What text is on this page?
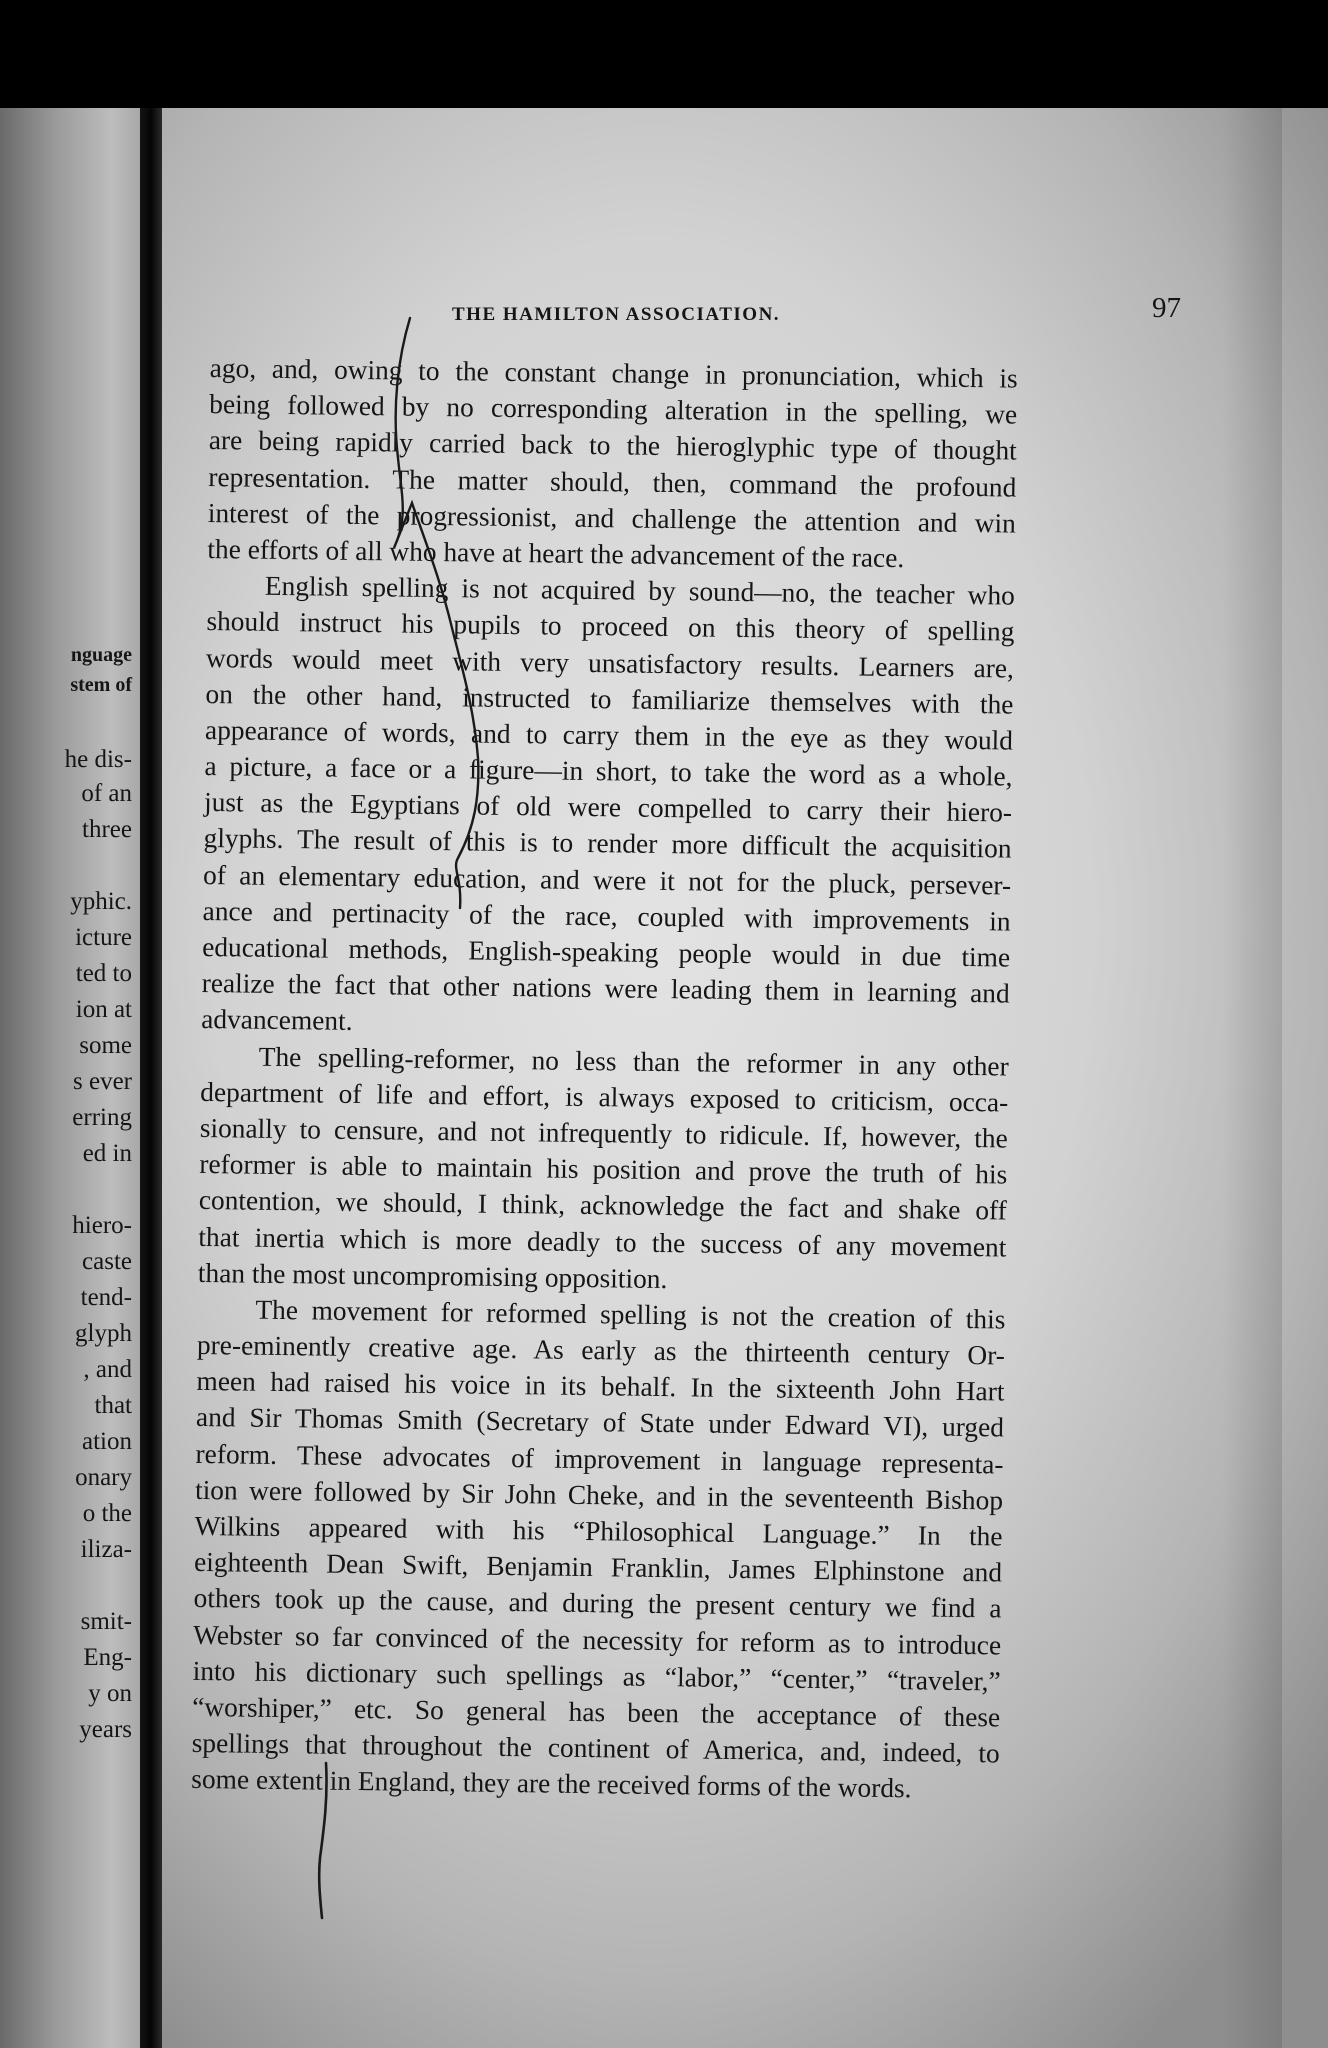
nguage
stem of
he dis-
of an
three
yphic.
icture
ted to
ion at
some
s ever
erring
ed in
hiero-
caste
tend-
glyph
, and
that
ation
onary
o the
iliza-
smit-
Eng-
y on
years
THE HAMILTON ASSOCIATION.	97
ago, and, owing to the constant change in pronunciation, which is
being followed by no corresponding alteration in the spelling, we
are being rapidly carried back to the hieroglyphic type of thought
representation. The matter should, then, command the profound
interest of the progressionist, and challenge the attention and win
the efforts of all who have at heart the advancement of the race.
English spelling is not acquired by sound—no, the teacher who
should instruct his pupils to proceed on this theory of spelling
words would meet with very unsatisfactory results. Learners are,
on the other hand, instructed to familiarize themselves with the
appearance of words, and to carry them in the eye as they would
a picture, a face or a figure—in short, to take the word as a whole,
just as the Egyptians of old were compelled to carry their hiero-
glyphs. The result of this is to render more difficult the acquisition
of an elementary education, and were it not for the pluck, persever-
ance and pertinacity of the race, coupled with improvements in
educational methods, English-speaking people would in due time
realize the fact that other nations were leading them in learning and
advancement.
The spelling-reformer, no less than the reformer in any other
department of life and effort, is always exposed to criticism, occa-
sionally to censure, and not infrequently to ridicule. If, however, the
reformer is able to maintain his position and prove the truth of his
contention, we should, I think, acknowledge the fact and shake off
that inertia which is more deadly to the success of any movement
than the most uncompromising opposition.
The movement for reformed spelling is not the creation of this
pre-eminently creative age. As early as the thirteenth century Or-
meen had raised his voice in its behalf. In the sixteenth John Hart
and Sir Thomas Smith (Secretary of State under Edward VI), urged
reform. These advocates of improvement in language representa-
tion were followed by Sir John Cheke, and in the seventeenth Bishop
Wilkins appeared with his “Philosophical Language.” In the
eighteenth Dean Swift, Benjamin Franklin, James Elphinstone and
others took up the cause, and during the present century we find a
Webster so far convinced of the necessity for reform as to introduce
into his dictionary such spellings as “labor,” “center,” “traveler,”
“worshiper,” etc. So general has been the acceptance of these
spellings that throughout the continent of America, and, indeed, to
some extent in England, they are the received forms of the words.
